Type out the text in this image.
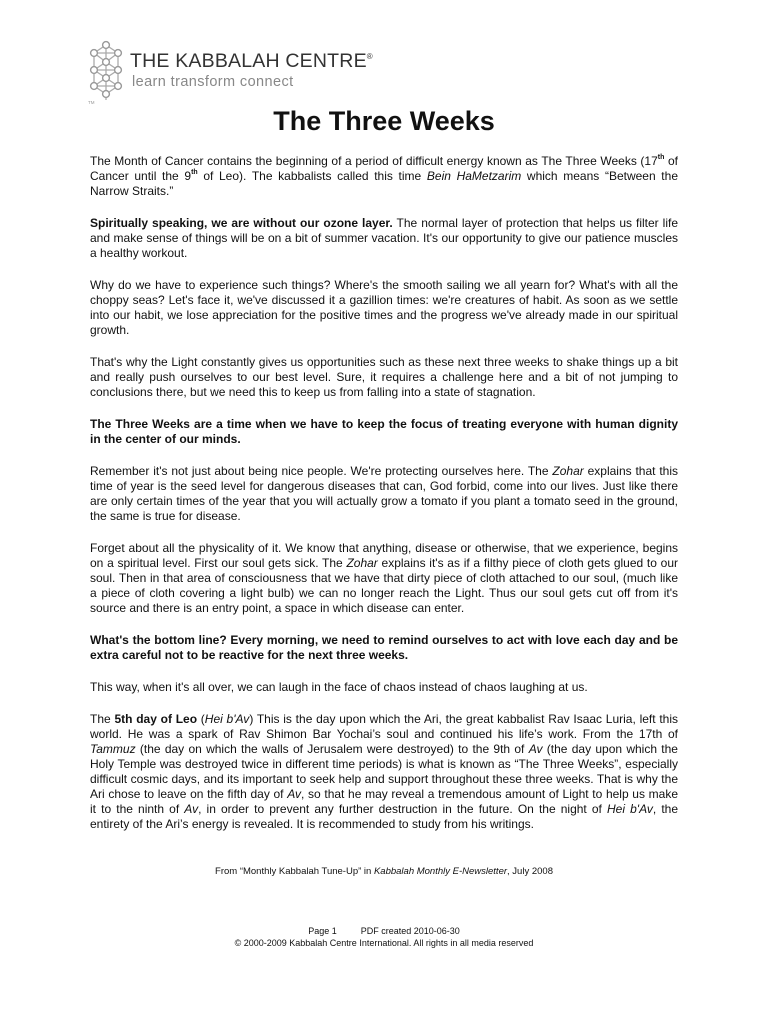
TM
THE KABBALAH CENTRE®
learn transform connect
The Three Weeks

The Month of Cancer contains the beginning of a period of difficult energy known as The Three Weeks (17th of Cancer until the 9th of Leo). The kabbalists called this time Bein HaMetzarim which means “Between the Narrow Straits.”

Spiritually speaking, we are without our ozone layer. The normal layer of protection that helps us filter life and make sense of things will be on a bit of summer vacation. It's our opportunity to give our patience muscles a healthy workout.

Why do we have to experience such things? Where's the smooth sailing we all yearn for? What's with all the choppy seas? Let's face it, we've discussed it a gazillion times: we're creatures of habit. As soon as we settle into our habit, we lose appreciation for the positive times and the progress we've already made in our spiritual growth.

That's why the Light constantly gives us opportunities such as these next three weeks to shake things up a bit and really push ourselves to our best level. Sure, it requires a challenge here and a bit of not jumping to conclusions there, but we need this to keep us from falling into a state of stagnation.

The Three Weeks are a time when we have to keep the focus of treating everyone with human dignity in the center of our minds.

Remember it's not just about being nice people. We're protecting ourselves here. The Zohar explains that this time of year is the seed level for dangerous diseases that can, God forbid, come into our lives. Just like there are only certain times of the year that you will actually grow a tomato if you plant a tomato seed in the ground, the same is true for disease.

Forget about all the physicality of it. We know that anything, disease or otherwise, that we experience, begins on a spiritual level. First our soul gets sick. The Zohar explains it's as if a filthy piece of cloth gets glued to our soul. Then in that area of consciousness that we have that dirty piece of cloth attached to our soul, (much like a piece of cloth covering a light bulb) we can no longer reach the Light. Thus our soul gets cut off from it's source and there is an entry point, a space in which disease can enter.

What's the bottom line? Every morning, we need to remind ourselves to act with love each day and be extra careful not to be reactive for the next three weeks.

This way, when it's all over, we can laugh in the face of chaos instead of chaos laughing at us.

The 5th day of Leo (Hei b'Av) This is the day upon which the Ari, the great kabbalist Rav Isaac Luria, left this world. He was a spark of Rav Shimon Bar Yochai’s soul and continued his life’s work. From the 17th of Tammuz (the day on which the walls of Jerusalem were destroyed) to the 9th of Av (the day upon which the Holy Temple was destroyed twice in different time periods) is what is known as “The Three Weeks”, especially difficult cosmic days, and its important to seek help and support throughout these three weeks. That is why the Ari chose to leave on the fifth day of Av, so that he may reveal a tremendous amount of Light to help us make it to the ninth of Av, in order to prevent any further destruction in the future. On the night of Hei b'Av, the entirety of the Ari’s energy is revealed. It is recommended to study from his writings.

From “Monthly Kabbalah Tune-Up” in Kabbalah Monthly E-Newsletter, July 2008
Page 1	PDF created 2010-06-30
© 2000-2009 Kabbalah Centre International. All rights in all media reserved
